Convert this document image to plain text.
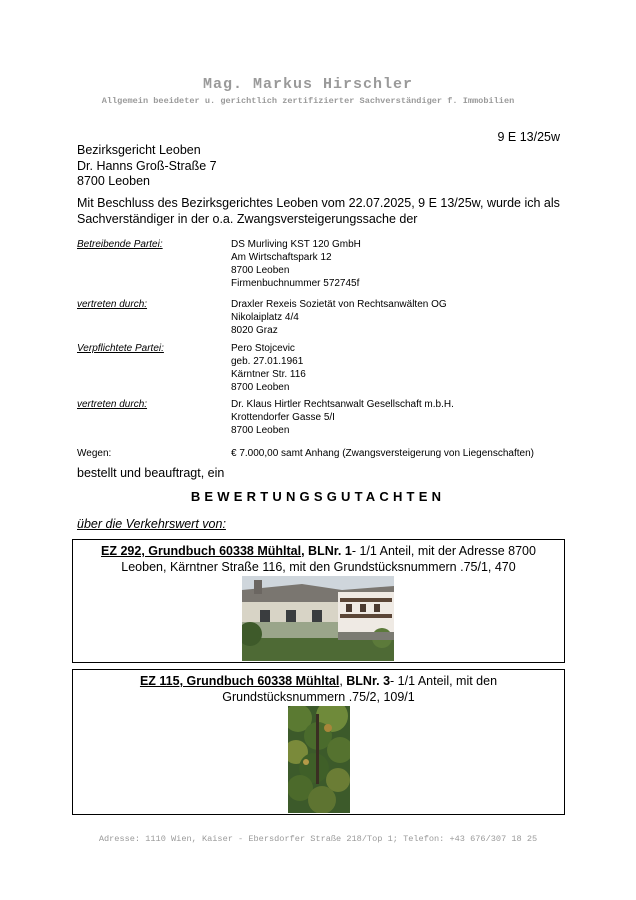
Mag. Markus Hirschler
Allgemein beeideter u. gerichtlich zertifizierter Sachverständiger f. Immobilien
9 E 13/25w
Bezirksgericht Leoben
Dr. Hanns Groß-Straße 7
8700 Leoben
Mit Beschluss des Bezirksgerichtes Leoben vom 22.07.2025, 9 E 13/25w, wurde ich als Sachverständiger in der o.a. Zwangsversteigerungssache der
Betreibende Partei:	DS Murliving KST 120 GmbH
Am Wirtschaftspark 12
8700 Leoben
Firmenbuchnummer 572745f
vertreten durch:	Draxler Rexeis Sozietät von Rechtsanwälten OG
Nikolaiplatz 4/4
8020 Graz
Verpflichtete Partei:	Pero Stojcevic
geb. 27.01.1961
Kärntner Str. 116
8700 Leoben
vertreten durch:	Dr. Klaus Hirtler Rechtsanwalt Gesellschaft m.b.H.
Krottendorfer Gasse 5/I
8700 Leoben
Wegen:	€ 7.000,00 samt Anhang (Zwangsversteigerung von Liegenschaften)
bestellt und beauftragt, ein
BEWERTUNGSGUTACHTEN
über die Verkehrswert von:
EZ 292, Grundbuch 60338 Mühltal, BLNr. 1- 1/1 Anteil, mit der Adresse 8700 Leoben, Kärntner Straße 116, mit den Grundstücksnummern .75/1, 470
EZ 115, Grundbuch 60338 Mühltal, BLNr. 3- 1/1 Anteil, mit den Grundstücksnummern .75/2, 109/1
Adresse: 1110 Wien, Kaiser - Ebersdorfer Straße 218/Top 1; Telefon: +43 676/307 18 25
